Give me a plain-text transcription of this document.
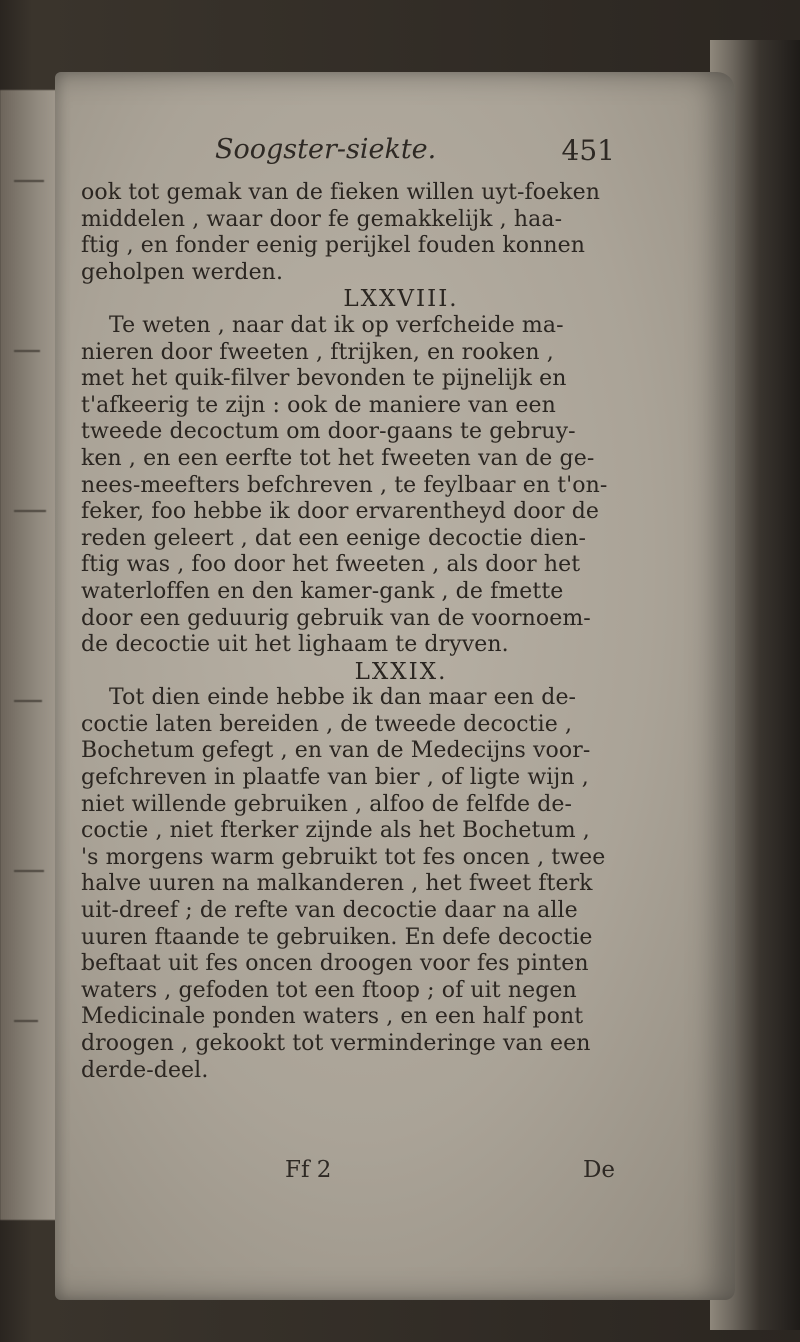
Soogster-siekte.	451
ook tot gemak van de fieken willen uyt-foeken
middelen , waar door fe gemakkelijk , haa-
ftig , en fonder eenig perijkel fouden konnen
geholpen werden.
LXXVIII.
Te weten , naar dat ik op verfcheide ma-
nieren door fweeten , ftrijken, en rooken ,
met het quik-filver bevonden te pijnelijk en
t'afkeerig te zijn : ook de maniere van een
tweede decoctum om door-gaans te gebruy-
ken , en een eerfte tot het fweeten van de ge-
nees-meefters befchreven , te feylbaar en t'on-
feker, foo hebbe ik door ervarentheyd door de
reden geleert , dat een eenige decoctie dien-
ftig was , foo door het fweeten , als door het
waterloffen en den kamer-gank , de fmette
door een geduurig gebruik van de voornoem-
de decoctie uit het lighaam te dryven.
LXXIX.
Tot dien einde hebbe ik dan maar een de-
coctie laten bereiden , de tweede decoctie ,
Bochetum gefegt , en van de Medecijns voor-
gefchreven in plaatfe van bier , of ligte wijn ,
niet willende gebruiken , alfoo de felfde de-
coctie , niet fterker zijnde als het Bochetum ,
's morgens warm gebruikt tot fes oncen , twee
halve uuren na malkanderen , het fweet fterk
uit-dreef ; de refte van decoctie daar na alle
uuren ftaande te gebruiken. En defe decoctie
beftaat uit fes oncen droogen voor fes pinten
waters , gefoden tot een ftoop ; of uit negen
Medicinale ponden waters , en een half pont
droogen , gekookt tot verminderinge van een
derde-deel.
Ff 2	De
